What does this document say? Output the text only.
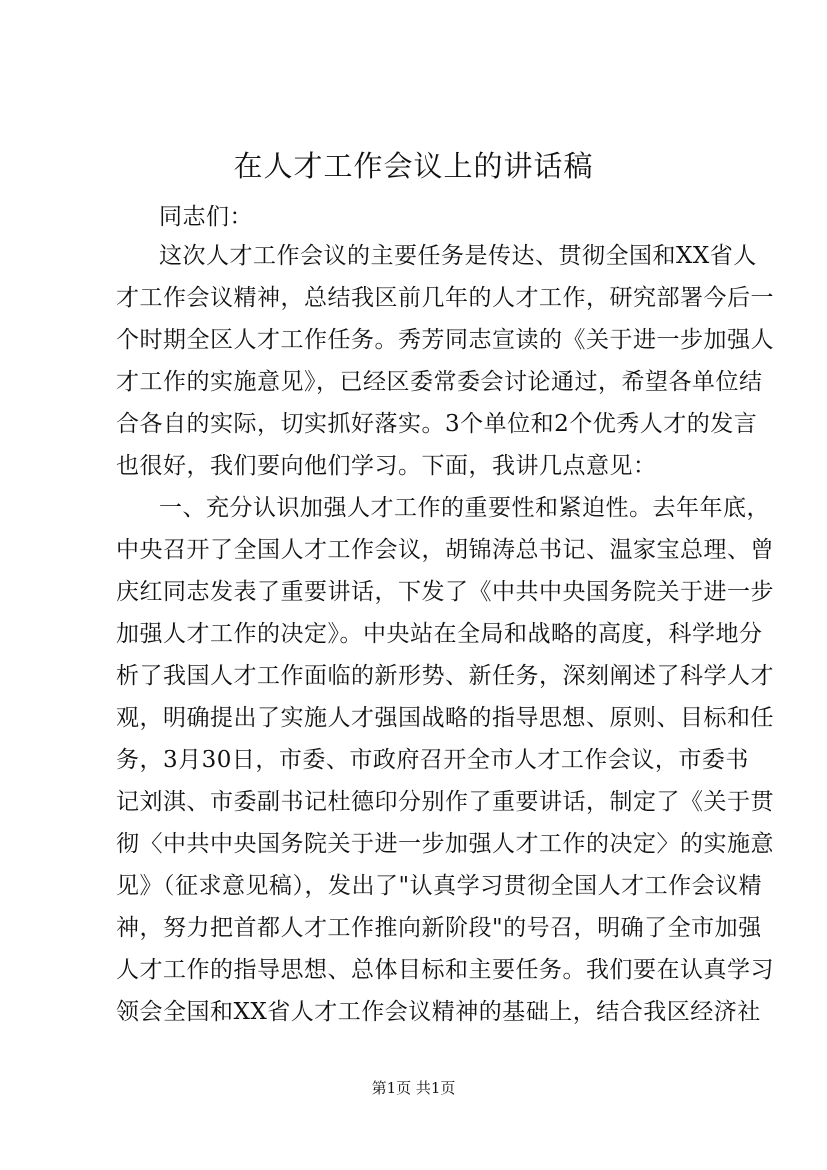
在人才工作会议上的讲话稿

同志们：

这次人才工作会议的主要任务是传达、贯彻全国和XX省人

才工作会议精神，总结我区前几年的人才工作，研究部署今后一

个时期全区人才工作任务。秀芳同志宣读的《关于进一步加强人

才工作的实施意见》，已经区委常委会讨论通过，希望各单位结

合各自的实际，切实抓好落实。3个单位和2个优秀人才的发言

也很好，我们要向他们学习。下面，我讲几点意见：

一、充分认识加强人才工作的重要性和紧迫性。去年年底，

中央召开了全国人才工作会议，胡锦涛总书记、温家宝总理、曾

庆红同志发表了重要讲话，下发了《中共中央国务院关于进一步

加强人才工作的决定》。中央站在全局和战略的高度，科学地分

析了我国人才工作面临的新形势、新任务，深刻阐述了科学人才

观，明确提出了实施人才强国战略的指导思想、原则、目标和任

务，3月30日，市委、市政府召开全市人才工作会议，市委书

记刘淇、市委副书记杜德印分别作了重要讲话，制定了《关于贯

彻〈中共中央国务院关于进一步加强人才工作的决定〉的实施意

见》（征求意见稿），发出了"认真学习贯彻全国人才工作会议精

神，努力把首都人才工作推向新阶段"的号召，明确了全市加强

人才工作的指导思想、总体目标和主要任务。我们要在认真学习

领会全国和XX省人才工作会议精神的基础上，结合我区经济社

第1页 共1页
